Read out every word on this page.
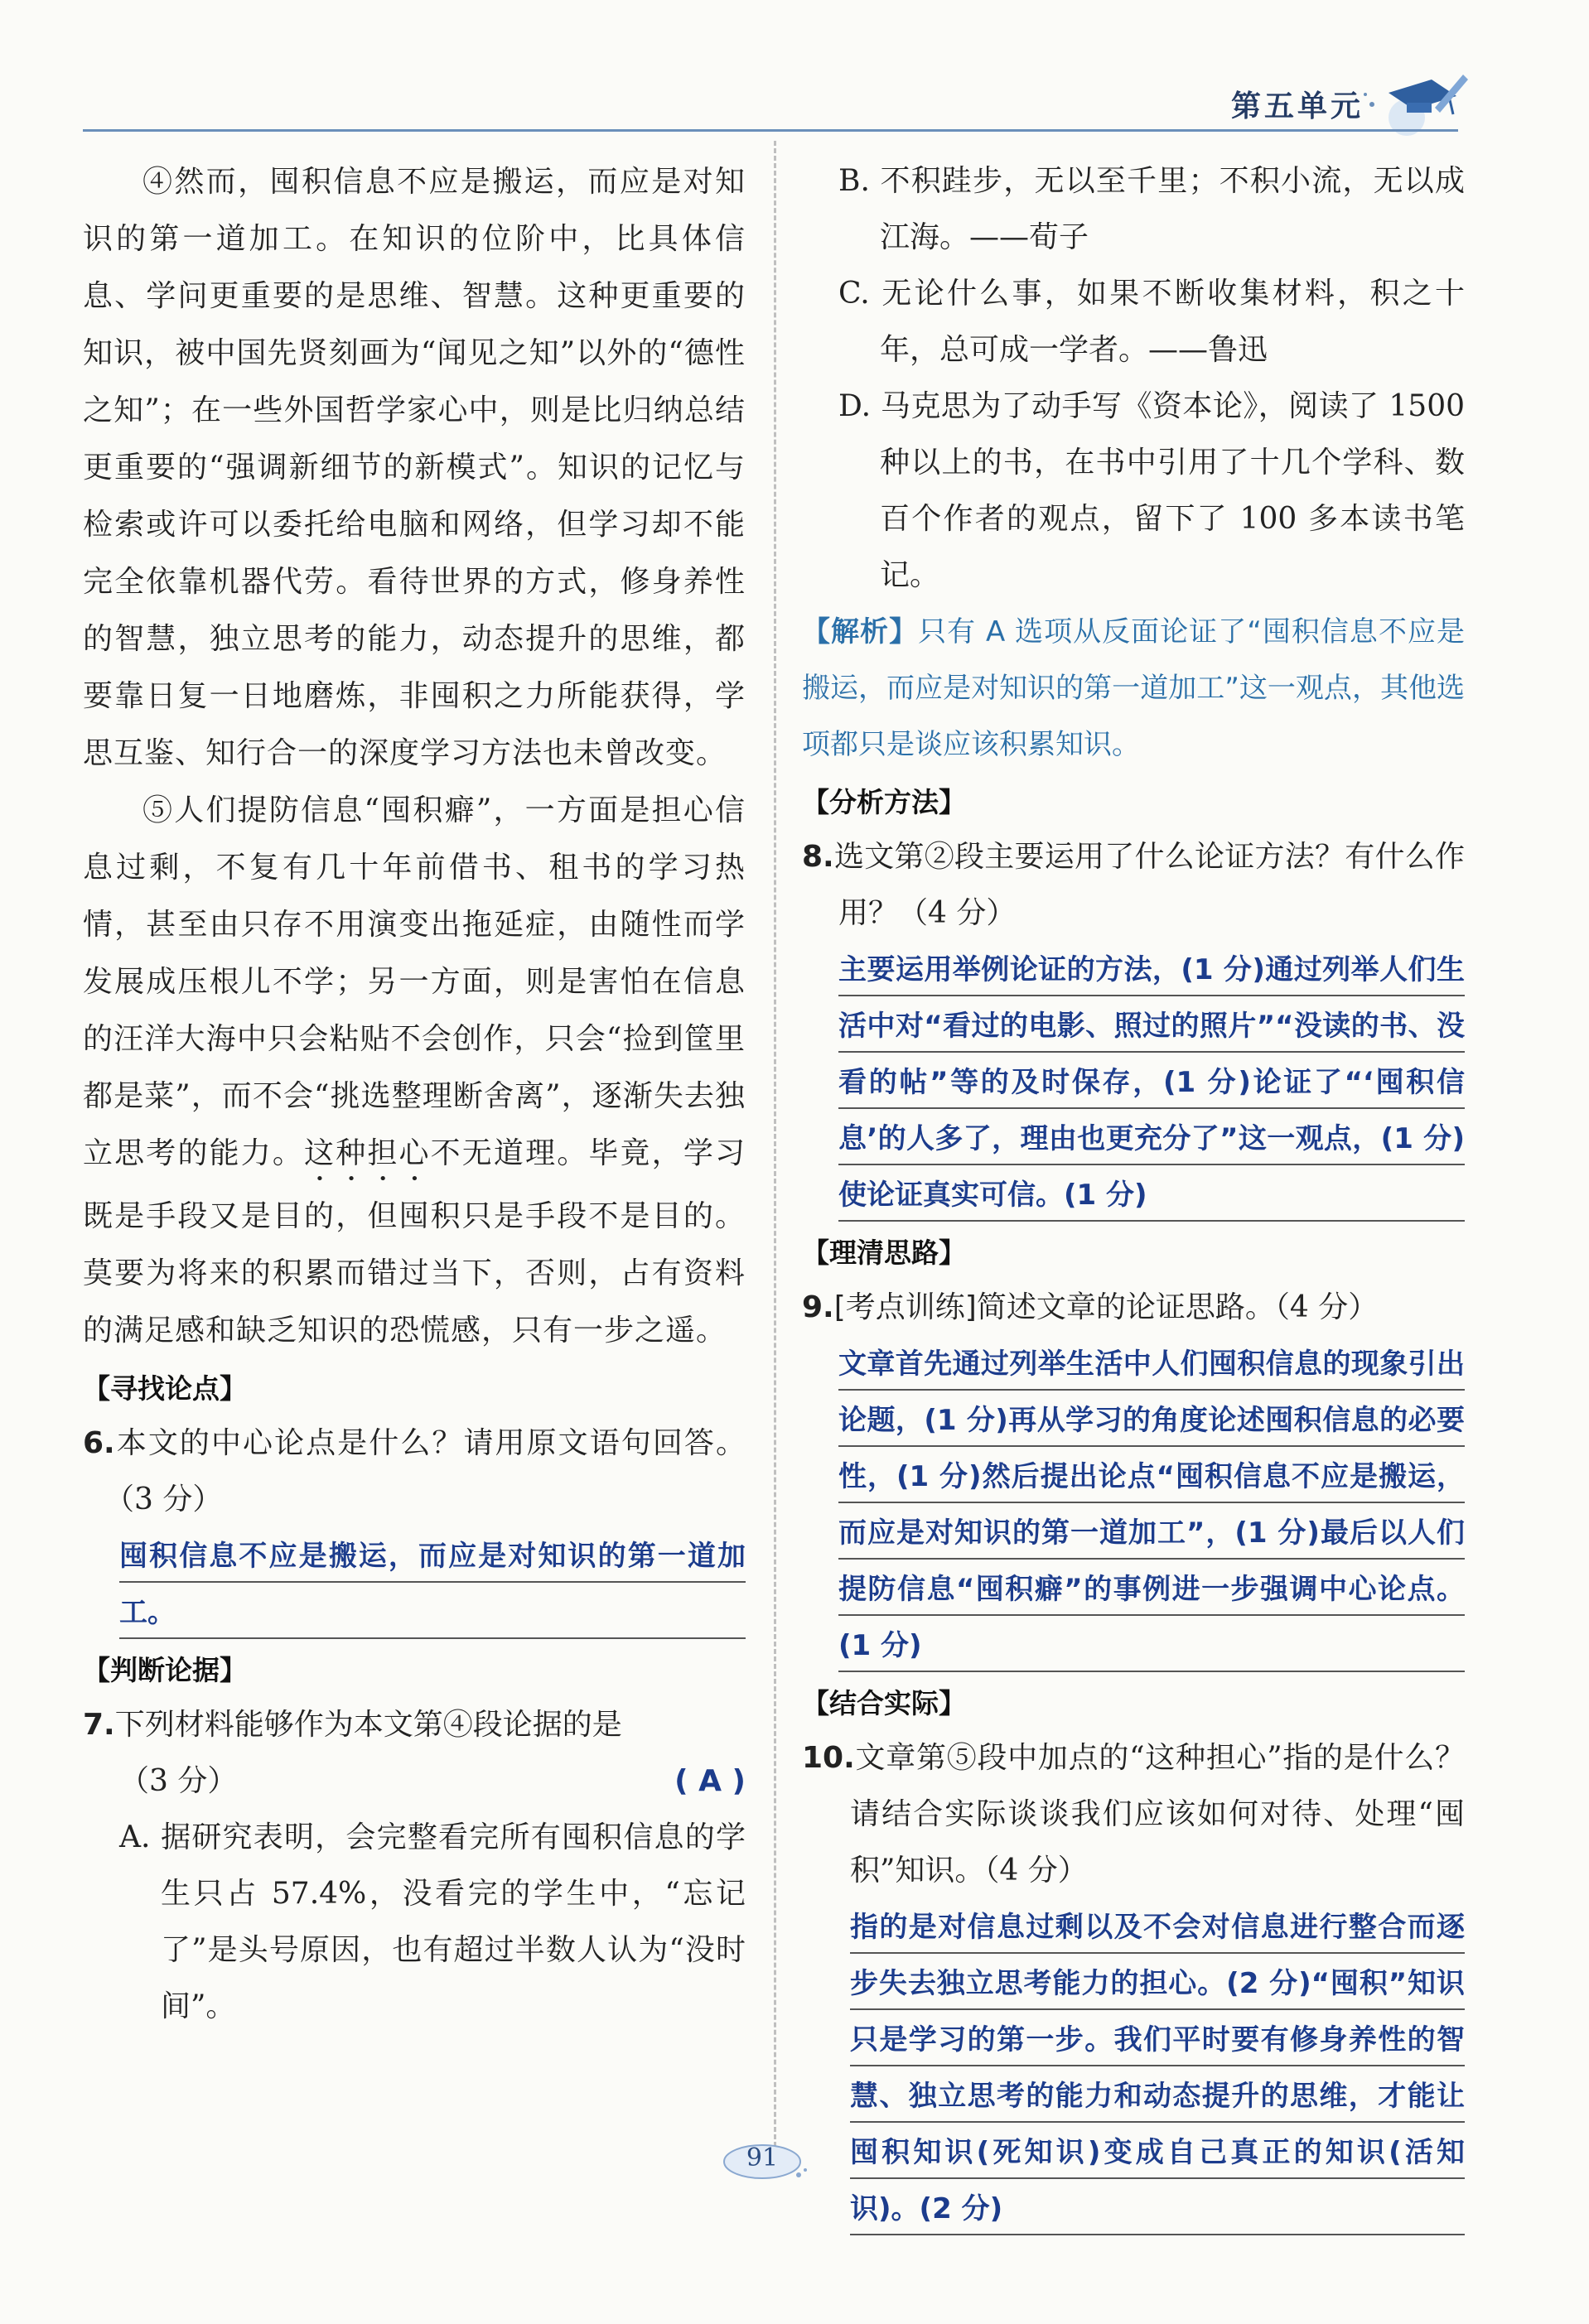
第五单元

④然而，囤积信息不应是搬运，而应是对知识的第一道加工。在知识的位阶中，比具体信息、学问更重要的是思维、智慧。这种更重要的知识，被中国先贤刻画为“闻见之知”以外的“德性之知”；在一些外国哲学家心中，则是比归纳总结更重要的“强调新细节的新模式”。知识的记忆与检索或许可以委托给电脑和网络，但学习却不能完全依靠机器代劳。看待世界的方式，修身养性的智慧，独立思考的能力，动态提升的思维，都要靠日复一日地磨炼，非囤积之力所能获得，学思互鉴、知行合一的深度学习方法也未曾改变。

⑤人们提防信息“囤积癖”，一方面是担心信息过剩，不复有几十年前借书、租书的学习热情，甚至由只存不用演变出拖延症，由随性而学发展成压根儿不学；另一方面，则是害怕在信息的汪洋大海中只会粘贴不会创作，只会“捡到筐里都是菜”，而不会“挑选整理断舍离”，逐渐失去独立思考的能力。这种担心不无道理。毕竟，学习既是手段又是目的，但囤积只是手段不是目的。莫要为将来的积累而错过当下，否则，占有资料的满足感和缺乏知识的恐慌感，只有一步之遥。

【寻找论点】

6.本文的中心论点是什么？请用原文语句回答。（3 分）

囤积信息不应是搬运，而应是对知识的第一道加工。

【判断论据】

7.下列材料能够作为本文第④段论据的是
（3 分）	( A )

A. 据研究表明，会完整看完所有囤积信息的学生只占 57.4%，没看完的学生中，“忘记了”是头号原因，也有超过半数人认为“没时间”。

B. 不积跬步，无以至千里；不积小流，无以成江海。——荀子

C. 无论什么事，如果不断收集材料，积之十年，总可成一学者。——鲁迅

D. 马克思为了动手写《资本论》，阅读了 1500 种以上的书，在书中引用了十几个学科、数百个作者的观点，留下了 100 多本读书笔记。

【解析】只有 A 选项从反面论证了“囤积信息不应是搬运，而应是对知识的第一道加工”这一观点，其他选项都只是谈应该积累知识。

【分析方法】

8.选文第②段主要运用了什么论证方法？有什么作用？（4 分）

主要运用举例论证的方法，(1 分)通过列举人们生活中对“看过的电影、照过的照片”“没读的书、没看的帖”等的及时保存，(1 分)论证了“‘囤积信息’的人多了，理由也更充分了”这一观点，(1 分)使论证真实可信。(1 分)

【理清思路】

9.[考点训练]简述文章的论证思路。（4 分）

文章首先通过列举生活中人们囤积信息的现象引出论题，(1 分)再从学习的角度论述囤积信息的必要性，(1 分)然后提出论点“囤积信息不应是搬运，而应是对知识的第一道加工”，(1 分)最后以人们提防信息“囤积癖”的事例进一步强调中心论点。(1 分)

【结合实际】

10.文章第⑤段中加点的“这种担心”指的是什么？请结合实际谈谈我们应该如何对待、处理“囤积”知识。（4 分）

指的是对信息过剩以及不会对信息进行整合而逐步失去独立思考能力的担心。(2 分)“囤积”知识只是学习的第一步。我们平时要有修身养性的智慧、独立思考的能力和动态提升的思维，才能让囤积知识(死知识)变成自己真正的知识(活知识)。(2 分)

91
